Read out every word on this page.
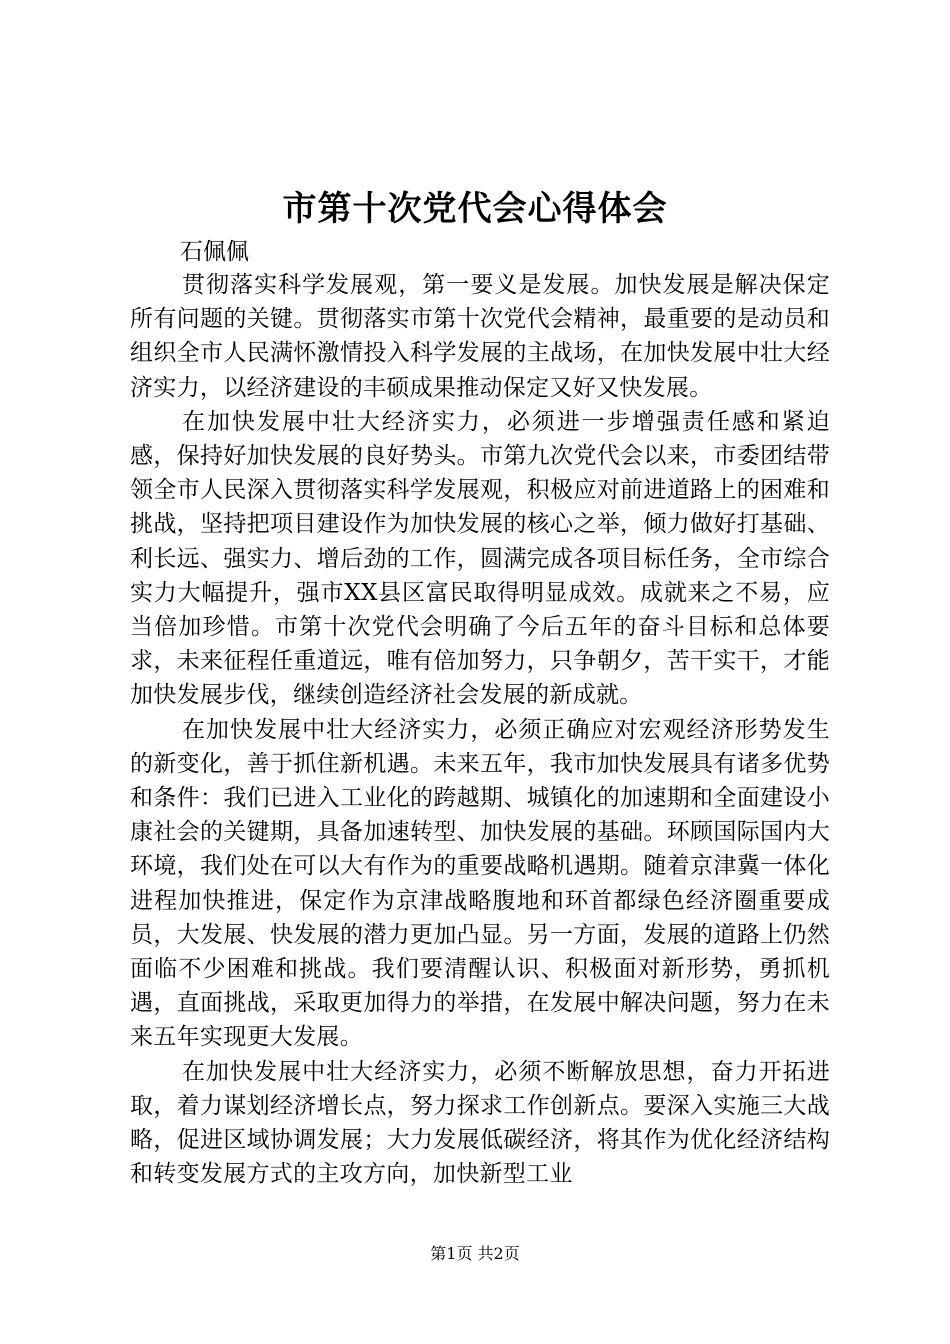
市第十次党代会心得体会
石佩佩

贯彻落实科学发展观，第一要义是发展。加快发展是解决保定所有问题的关键。贯彻落实市第十次党代会精神，最重要的是动员和组织全市人民满怀激情投入科学发展的主战场，在加快发展中壮大经济实力，以经济建设的丰硕成果推动保定又好又快发展。

在加快发展中壮大经济实力，必须进一步增强责任感和紧迫感，保持好加快发展的良好势头。市第九次党代会以来，市委团结带领全市人民深入贯彻落实科学发展观，积极应对前进道路上的困难和挑战，坚持把项目建设作为加快发展的核心之举，倾力做好打基础、利长远、强实力、增后劲的工作，圆满完成各项目标任务，全市综合实力大幅提升，强市XX县区富民取得明显成效。成就来之不易，应当倍加珍惜。市第十次党代会明确了今后五年的奋斗目标和总体要求，未来征程任重道远，唯有倍加努力，只争朝夕，苦干实干，才能加快发展步伐，继续创造经济社会发展的新成就。

在加快发展中壮大经济实力，必须正确应对宏观经济形势发生的新变化，善于抓住新机遇。未来五年，我市加快发展具有诸多优势和条件：我们已进入工业化的跨越期、城镇化的加速期和全面建设小康社会的关键期，具备加速转型、加快发展的基础。环顾国际国内大环境，我们处在可以大有作为的重要战略机遇期。随着京津冀一体化进程加快推进，保定作为京津战略腹地和环首都绿色经济圈重要成员，大发展、快发展的潜力更加凸显。另一方面，发展的道路上仍然面临不少困难和挑战。我们要清醒认识、积极面对新形势，勇抓机遇，直面挑战，采取更加得力的举措，在发展中解决问题，努力在未来五年实现更大发展。

在加快发展中壮大经济实力，必须不断解放思想，奋力开拓进取，着力谋划经济增长点，努力探求工作创新点。要深入实施三大战略，促进区域协调发展；大力发展低碳经济，将其作为优化经济结构和转变发展方式的主攻方向，加快新型工业

第1页 共2页
